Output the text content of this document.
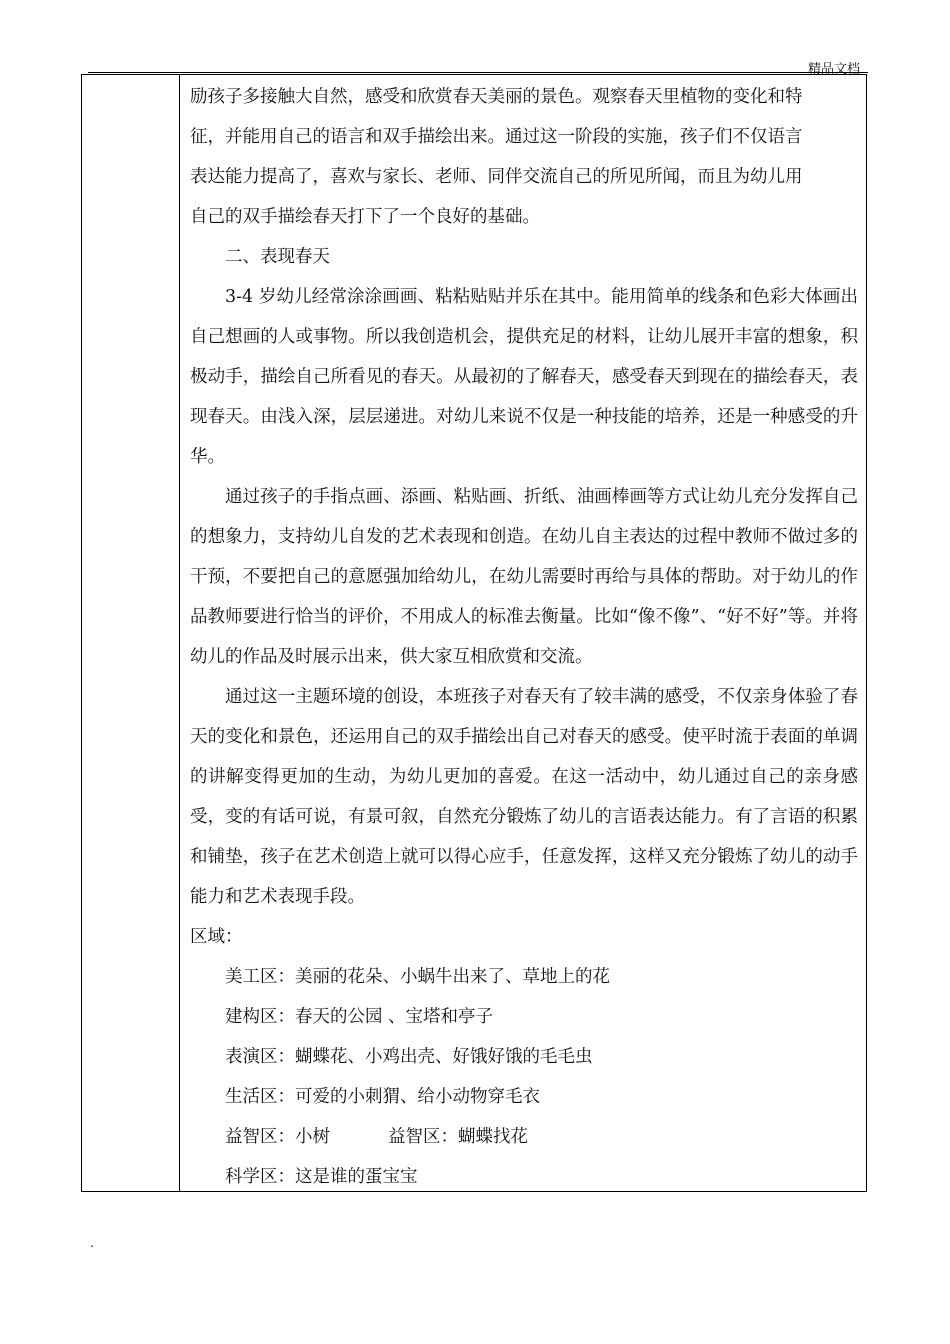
精品文档

励孩子多接触大自然，感受和欣赏春天美丽的景色。观察春天里植物的变化和特

征，并能用自己的语言和双手描绘出来。通过这一阶段的实施，孩子们不仅语言

表达能力提高了，喜欢与家长、老师、同伴交流自己的所见所闻，而且为幼儿用

自己的双手描绘春天打下了一个良好的基础。

二、表现春天

3-4 岁幼儿经常涂涂画画、粘粘贴贴并乐在其中。能用简单的线条和色彩大体画出自己想画的人或事物。所以我创造机会，提供充足的材料，让幼儿展开丰富的想象，积极动手，描绘自己所看见的春天。从最初的了解春天，感受春天到现在的描绘春天，表现春天。由浅入深，层层递进。对幼儿来说不仅是一种技能的培养，还是一种感受的升华。

通过孩子的手指点画、添画、粘贴画、折纸、油画棒画等方式让幼儿充分发挥自己的想象力，支持幼儿自发的艺术表现和创造。在幼儿自主表达的过程中教师不做过多的干预，不要把自己的意愿强加给幼儿，在幼儿需要时再给与具体的帮助。对于幼儿的作品教师要进行恰当的评价，不用成人的标准去衡量。比如“像不像”、“好不好”等。并将幼儿的作品及时展示出来，供大家互相欣赏和交流。

通过这一主题环境的创设，本班孩子对春天有了较丰满的感受，不仅亲身体验了春天的变化和景色，还运用自己的双手描绘出自己对春天的感受。使平时流于表面的单调的讲解变得更加的生动，为幼儿更加的喜爱。在这一活动中，幼儿通过自己的亲身感受，变的有话可说，有景可叙，自然充分锻炼了幼儿的言语表达能力。有了言语的积累和铺垫，孩子在艺术创造上就可以得心应手，任意发挥，这样又充分锻炼了幼儿的动手能力和艺术表现手段。

区域：

美工区：美丽的花朵、小蜗牛出来了、草地上的花

建构区：春天的公园 、宝塔和亭子

表演区：蝴蝶花、小鸡出壳、好饿好饿的毛毛虫

生活区：可爱的小刺猬、给小动物穿毛衣

益智区：小树	益智区：蝴蝶找花

科学区：这是谁的蛋宝宝

.
